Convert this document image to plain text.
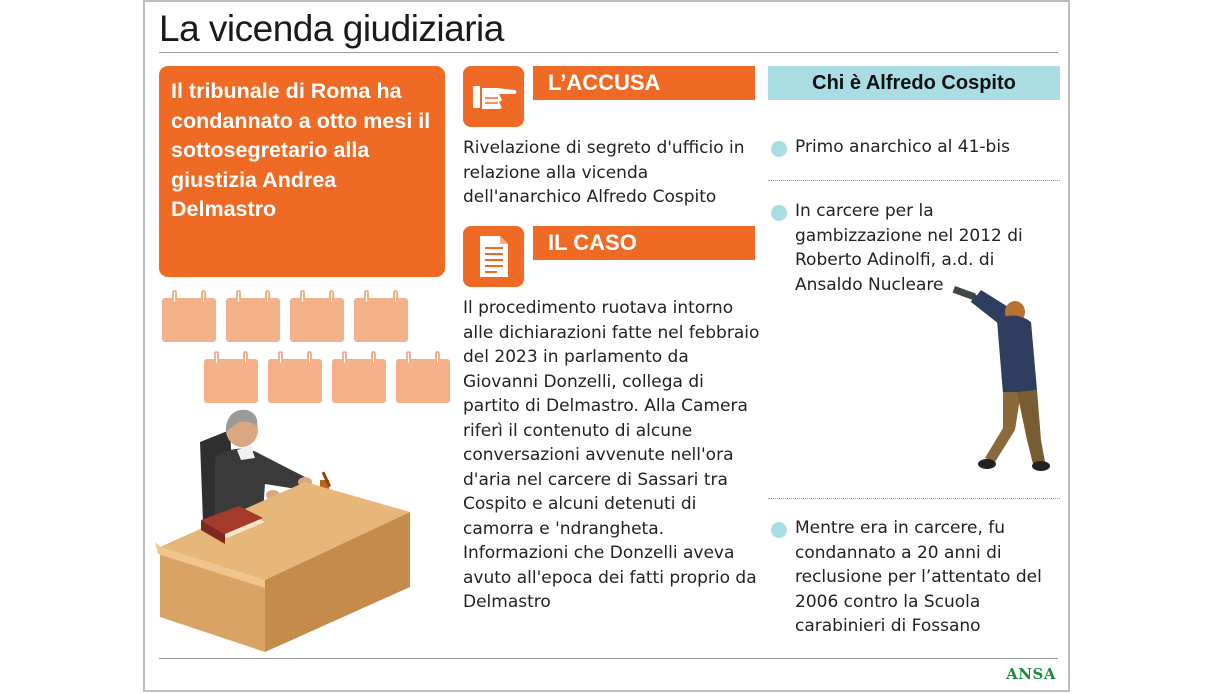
La vicenda giudiziaria
Il tribunale di Roma ha condannato a otto mesi il sottosegretario alla giustizia Andrea Delmastro
L’ACCUSA
Rivelazione di segreto d'ufficio in relazione alla vicenda dell'anarchico Alfredo Cospito
IL CASO
Il procedimento ruotava intorno alle dichiarazioni fatte nel febbraio del 2023 in parlamento da Giovanni Donzelli, collega di partito di Delmastro. Alla Camera riferì il contenuto di alcune conversazioni avvenute nell'ora d'aria nel carcere di Sassari tra Cospito e alcuni detenuti di camorra e 'ndrangheta. Informazioni che Donzelli aveva avuto all'epoca dei fatti proprio da Delmastro
Chi è Alfredo Cospito
Primo anarchico al 41-bis
In carcere per la gambizzazione nel 2012 di Roberto Adinolfi, a.d. di Ansaldo Nucleare
Mentre era in carcere, fu condannato a 20 anni di reclusione per l’attentato del 2006 contro la Scuola carabinieri di Fossano
ANSA
